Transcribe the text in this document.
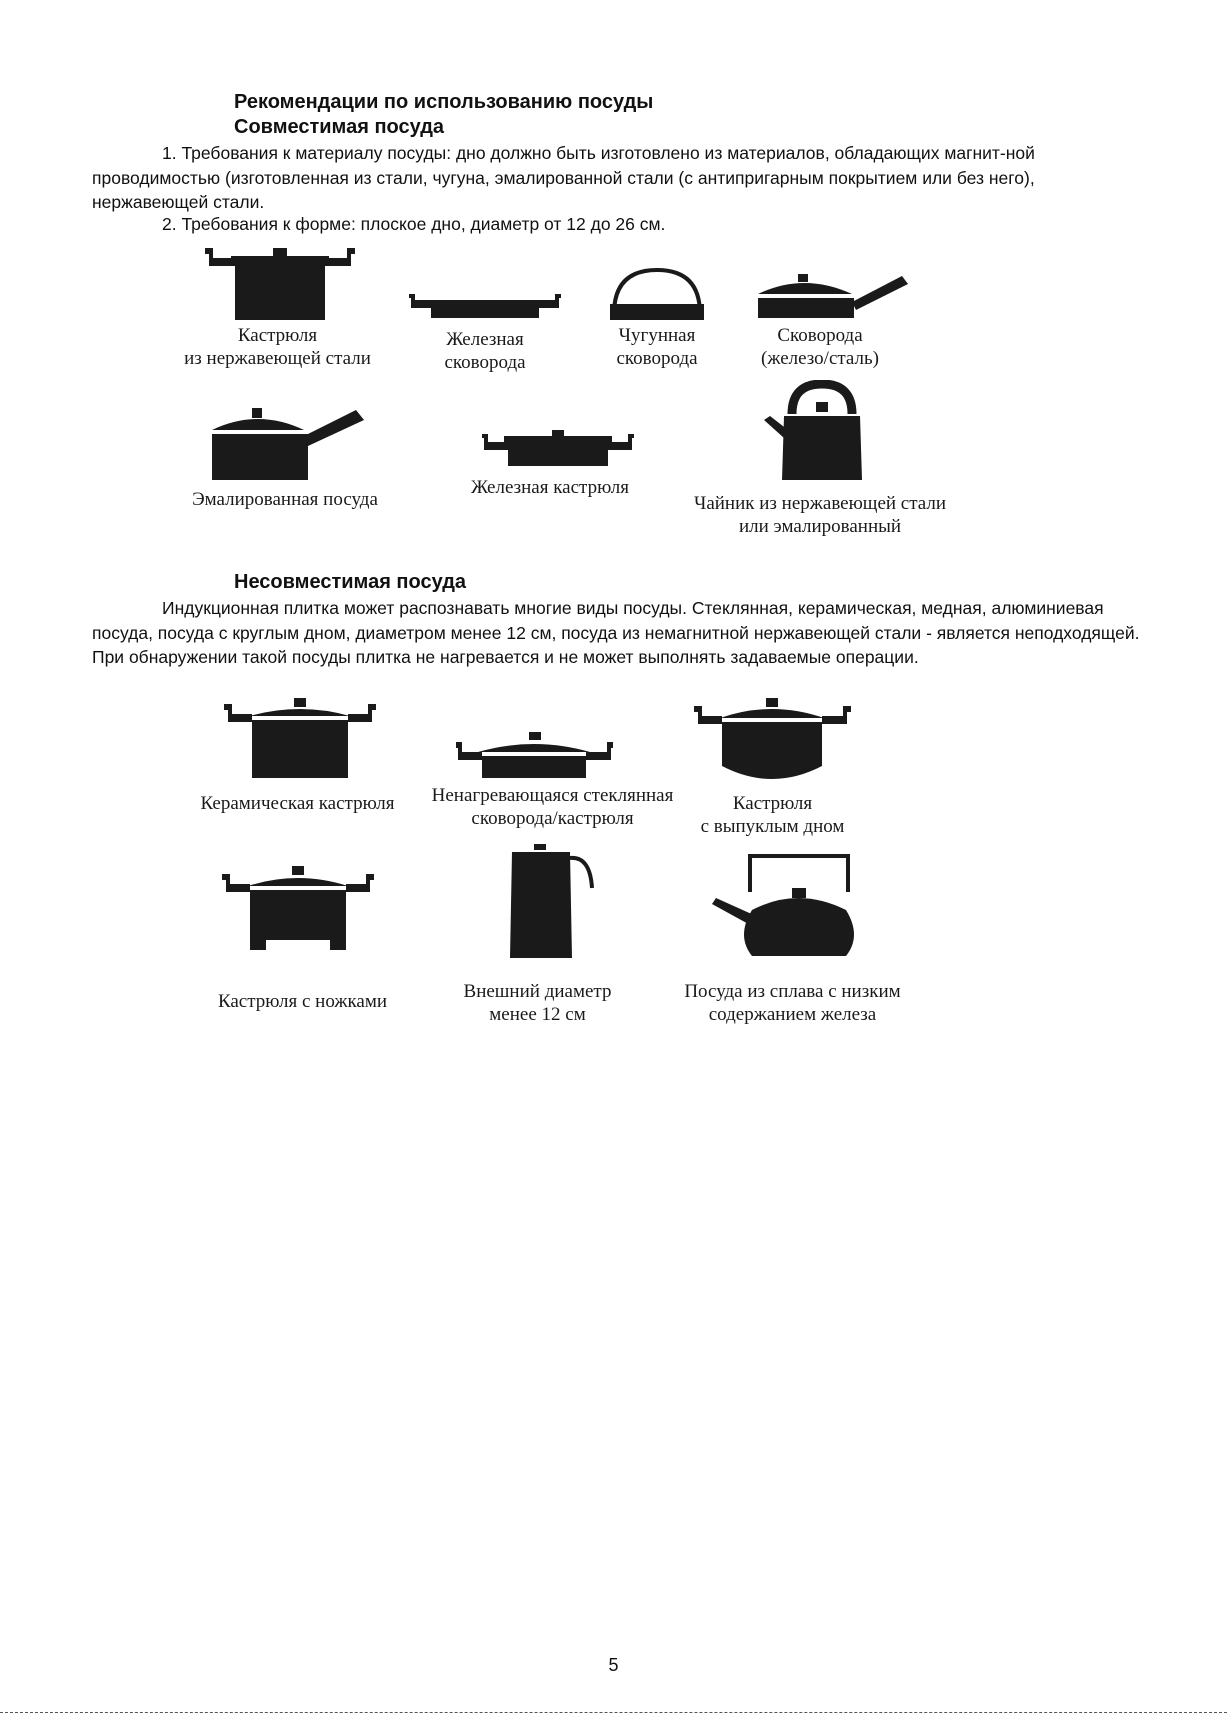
Рекомендации по использованию посуды
Совместимая посуда
1. Требования к материалу посуды: дно должно быть изготовлено из материалов, обладающих магнит-ной проводимостью (изготовленная из стали, чугуна, эмалированной стали (с антипригарным покрытием или без него), нержавеющей стали.
2. Требования к форме: плоское дно, диаметр от 12 до 26 см.
Кастрюля
из нержавеющей стали
Железная
сковорода
Чугунная
сковорода
Сковорода
(железо/сталь)
Эмалированная посуда
Железная кастрюля
Чайник из нержавеющей стали
или эмалированный
Несовместимая посуда
Индукционная плитка может распознавать многие виды посуды. Стеклянная, керамическая, медная, алюминиевая посуда, посуда с круглым дном, диаметром менее 12 см, посуда из немагнитной нержавеющей стали - является неподходящей. При обнаружении такой посуды плитка не нагревается и не может выполнять задаваемые операции.
Керамическая кастрюля	Ненагревающаяся стеклянная
сковорода/кастрюля
Кастрюля
с выпуклым дном
Кастрюля с ножками	Внешний диаметр
менее 12 см
Посуда из сплава с низким
содержанием железа
5
